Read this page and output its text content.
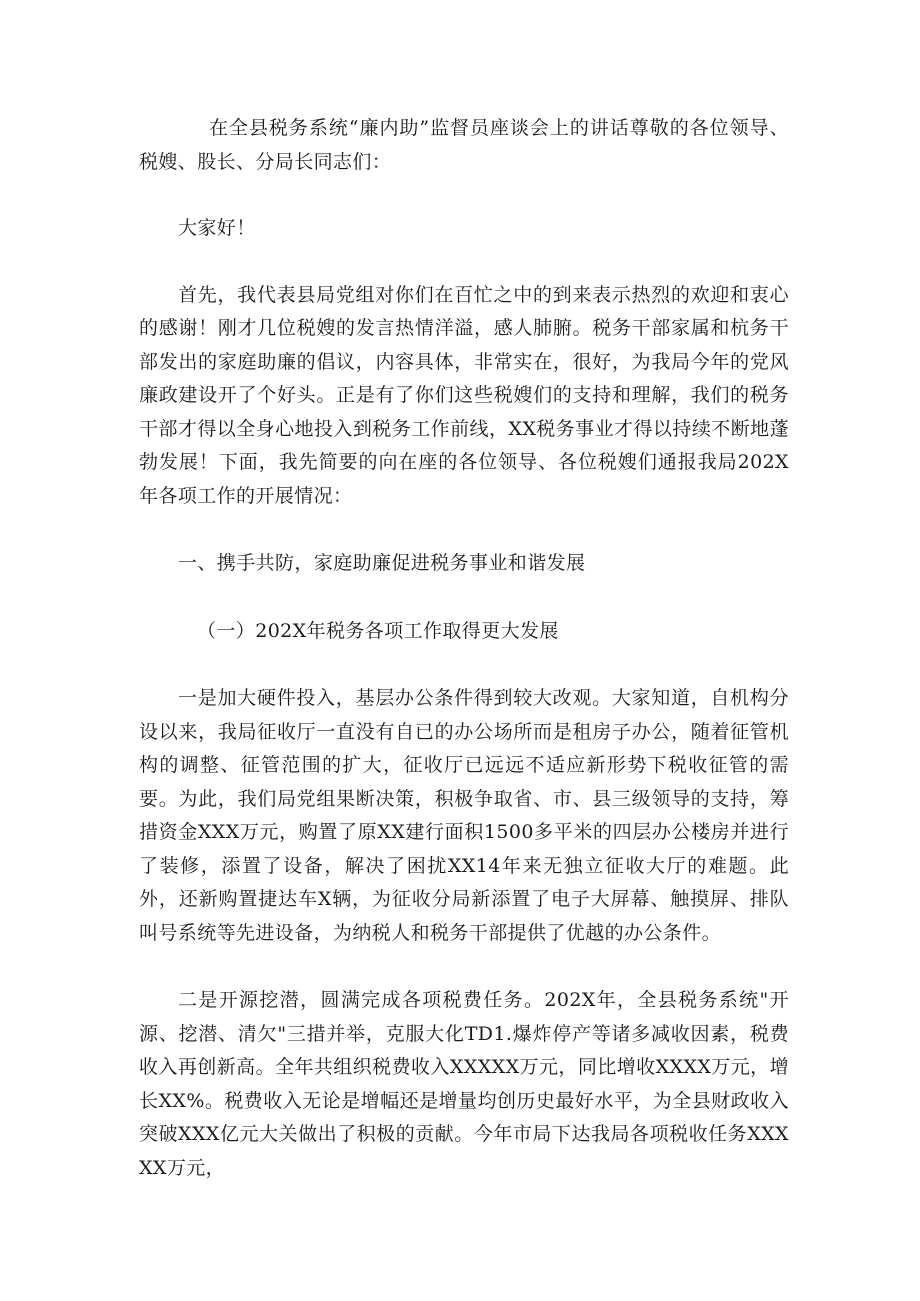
在全县税务系统“廉内助”监督员座谈会上的讲话尊敬的各位领导、税嫂、股长、分局长同志们：

大家好！

首先，我代表县局党组对你们在百忙之中的到来表示热烈的欢迎和衷心的感谢！刚才几位税嫂的发言热情洋溢，感人肺腑。税务干部家属和杭务干部发出的家庭助廉的倡议，内容具体，非常实在，很好，为我局今年的党风廉政建设开了个好头。正是有了你们这些税嫂们的支持和理解，我们的税务干部才得以全身心地投入到税务工作前线，XX税务事业才得以持续不断地蓬勃发展！下面，我先简要的向在座的各位领导、各位税嫂们通报我局202X年各项工作的开展情况：

一、携手共防，家庭助廉促进税务事业和谐发展

（一）202X年税务各项工作取得更大发展

一是加大硬件投入，基层办公条件得到较大改观。大家知道，自机构分设以来，我局征收厅一直没有自已的办公场所而是租房子办公，随着征管机构的调整、征管范围的扩大，征收厅已远远不适应新形势下税收征管的需要。为此，我们局党组果断决策，积极争取省、市、县三级领导的支持，筹措资金XXX万元，购置了原XX建行面积1500多平米的四层办公楼房并进行了装修，添置了设备，解决了困扰XX14年来无独立征收大厅的难题。此外，还新购置捷达车X辆，为征收分局新添置了电子大屏幕、触摸屏、排队叫号系统等先进设备，为纳税人和税务干部提供了优越的办公条件。

二是开源挖潜，圆满完成各项税费任务。202X年，全县税务系统"开源、挖潜、清欠"三措并举，克服大化TD1.爆炸停产等诸多减收因素，税费收入再创新高。全年共组织税费收入XXXXX万元，同比增收XXXX万元，增长XX%。税费收入无论是增幅还是增量均创历史最好水平，为全县财政收入突破XXX亿元大关做出了积极的贡献。今年市局下达我局各项税收任务XXXXX万元，
